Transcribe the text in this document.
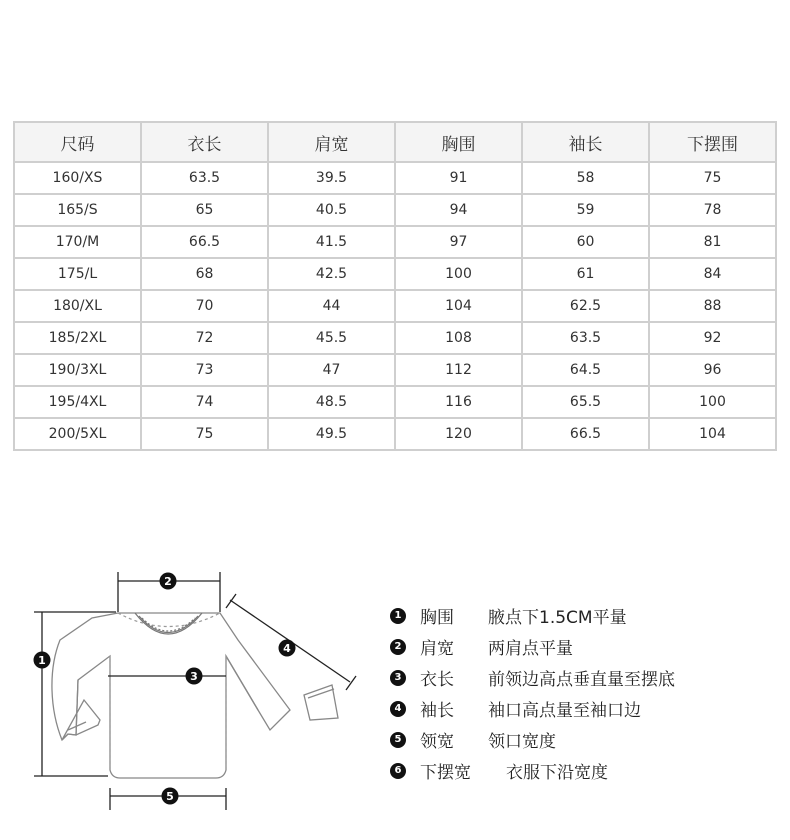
尺码	衣长	肩宽	胸围	袖长	下摆围
160/XS	63.5	39.5	91	58	75
165/S	65	40.5	94	59	78
170/M	66.5	41.5	97	60	81
175/L	68	42.5	100	61	84
180/XL	70	44	104	62.5	88
185/2XL	72	45.5	108	63.5	92
190/3XL	73	47	112	64.5	96
195/4XL	74	48.5	116	65.5	100
200/5XL	75	49.5	120	66.5	104
1
2
3
4
5
1 胸围	腋点下1.5CM平量
2 肩宽	两肩点平量
3 衣长	前领边高点垂直量至摆底
4 袖长	袖口高点量至袖口边
5 领宽	领口宽度
6 下摆宽	衣服下沿宽度
